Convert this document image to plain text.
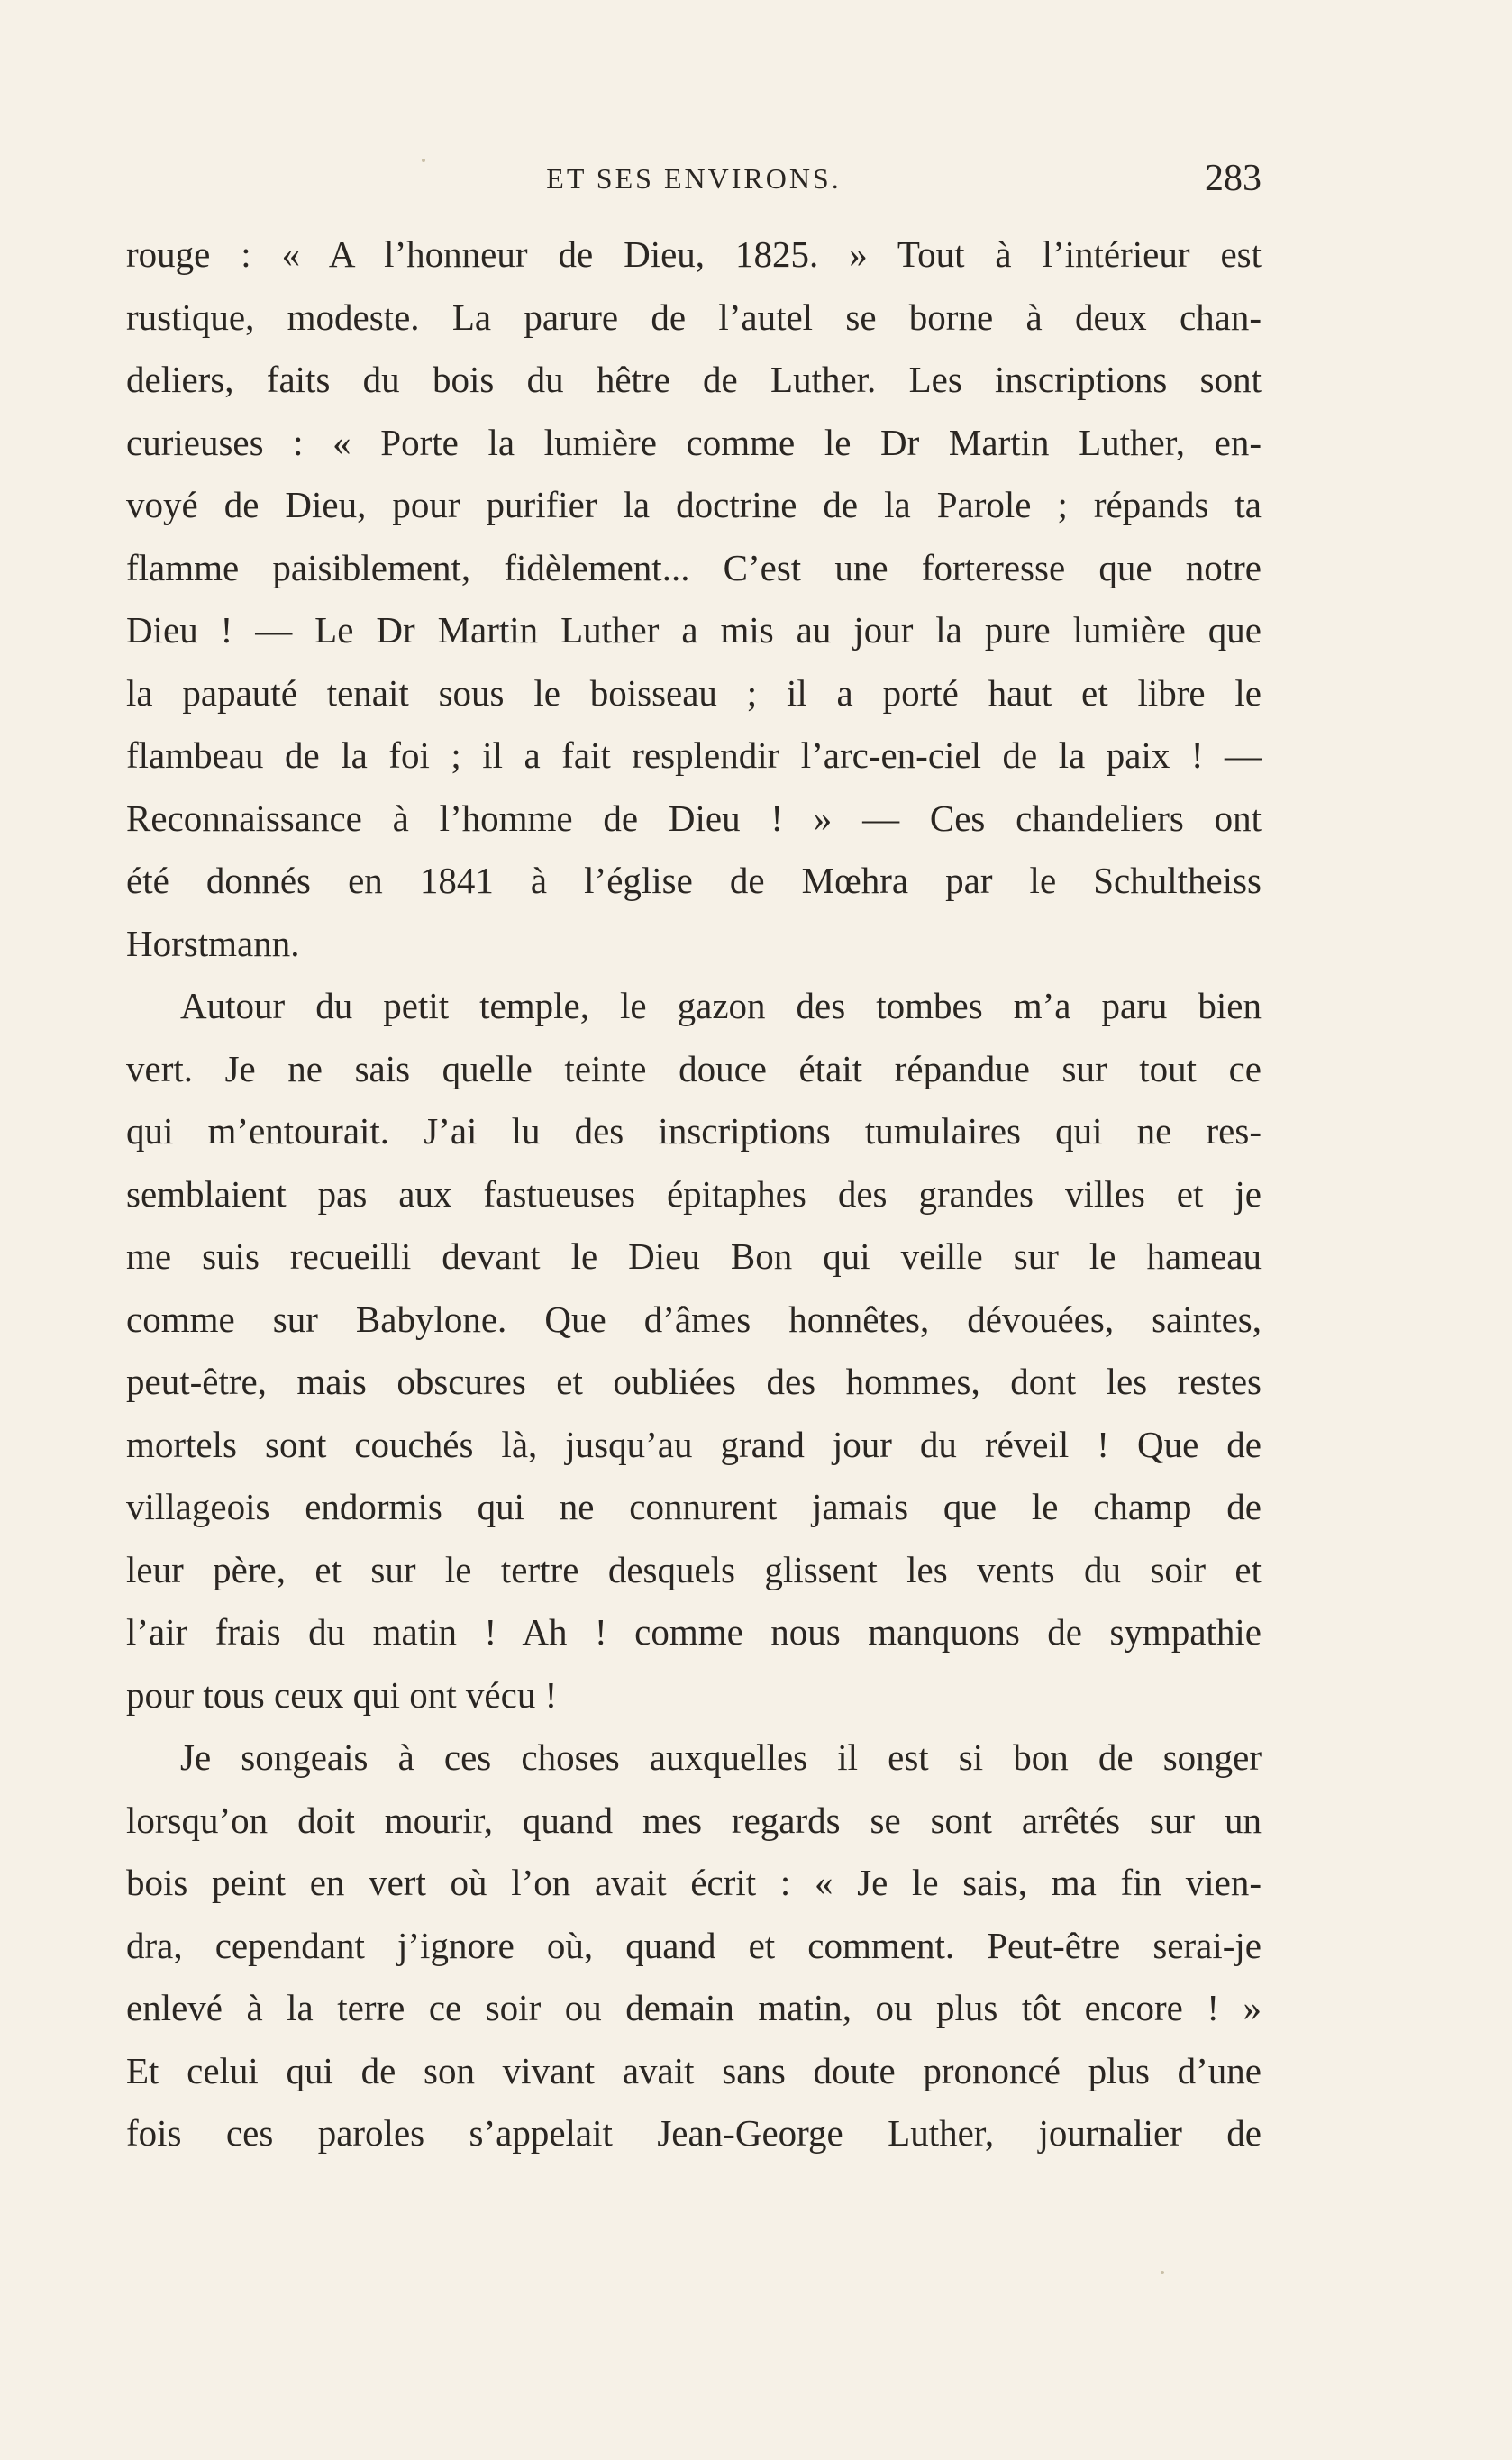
ET SES ENVIRONS.	283
rouge : « A l’honneur de Dieu, 1825. » Tout à l’intérieur est
rustique, modeste. La parure de l’autel se borne à deux chan-
deliers, faits du bois du hêtre de Luther. Les inscriptions sont
curieuses : « Porte la lumière comme le Dr Martin Luther, en-
voyé de Dieu, pour purifier la doctrine de la Parole ; répands ta
flamme paisiblement, fidèlement... C’est une forteresse que notre
Dieu ! — Le Dr Martin Luther a mis au jour la pure lumière que
la papauté tenait sous le boisseau ; il a porté haut et libre le
flambeau de la foi ; il a fait resplendir l’arc-en-ciel de la paix ! —
Reconnaissance à l’homme de Dieu ! » — Ces chandeliers ont
été donnés en 1841 à l’église de Mœhra par le Schultheiss
Horstmann.
Autour du petit temple, le gazon des tombes m’a paru bien
vert. Je ne sais quelle teinte douce était répandue sur tout ce
qui m’entourait. J’ai lu des inscriptions tumulaires qui ne res-
semblaient pas aux fastueuses épitaphes des grandes villes et je
me suis recueilli devant le Dieu Bon qui veille sur le hameau
comme sur Babylone. Que d’âmes honnêtes, dévouées, saintes,
peut-être, mais obscures et oubliées des hommes, dont les restes
mortels sont couchés là, jusqu’au grand jour du réveil ! Que de
villageois endormis qui ne connurent jamais que le champ de
leur père, et sur le tertre desquels glissent les vents du soir et
l’air frais du matin ! Ah ! comme nous manquons de sympathie
pour tous ceux qui ont vécu !
Je songeais à ces choses auxquelles il est si bon de songer
lorsqu’on doit mourir, quand mes regards se sont arrêtés sur un
bois peint en vert où l’on avait écrit : « Je le sais, ma fin vien-
dra, cependant j’ignore où, quand et comment. Peut-être serai-je
enlevé à la terre ce soir ou demain matin, ou plus tôt encore ! »
Et celui qui de son vivant avait sans doute prononcé plus d’une
fois ces paroles s’appelait Jean-George Luther, journalier de
